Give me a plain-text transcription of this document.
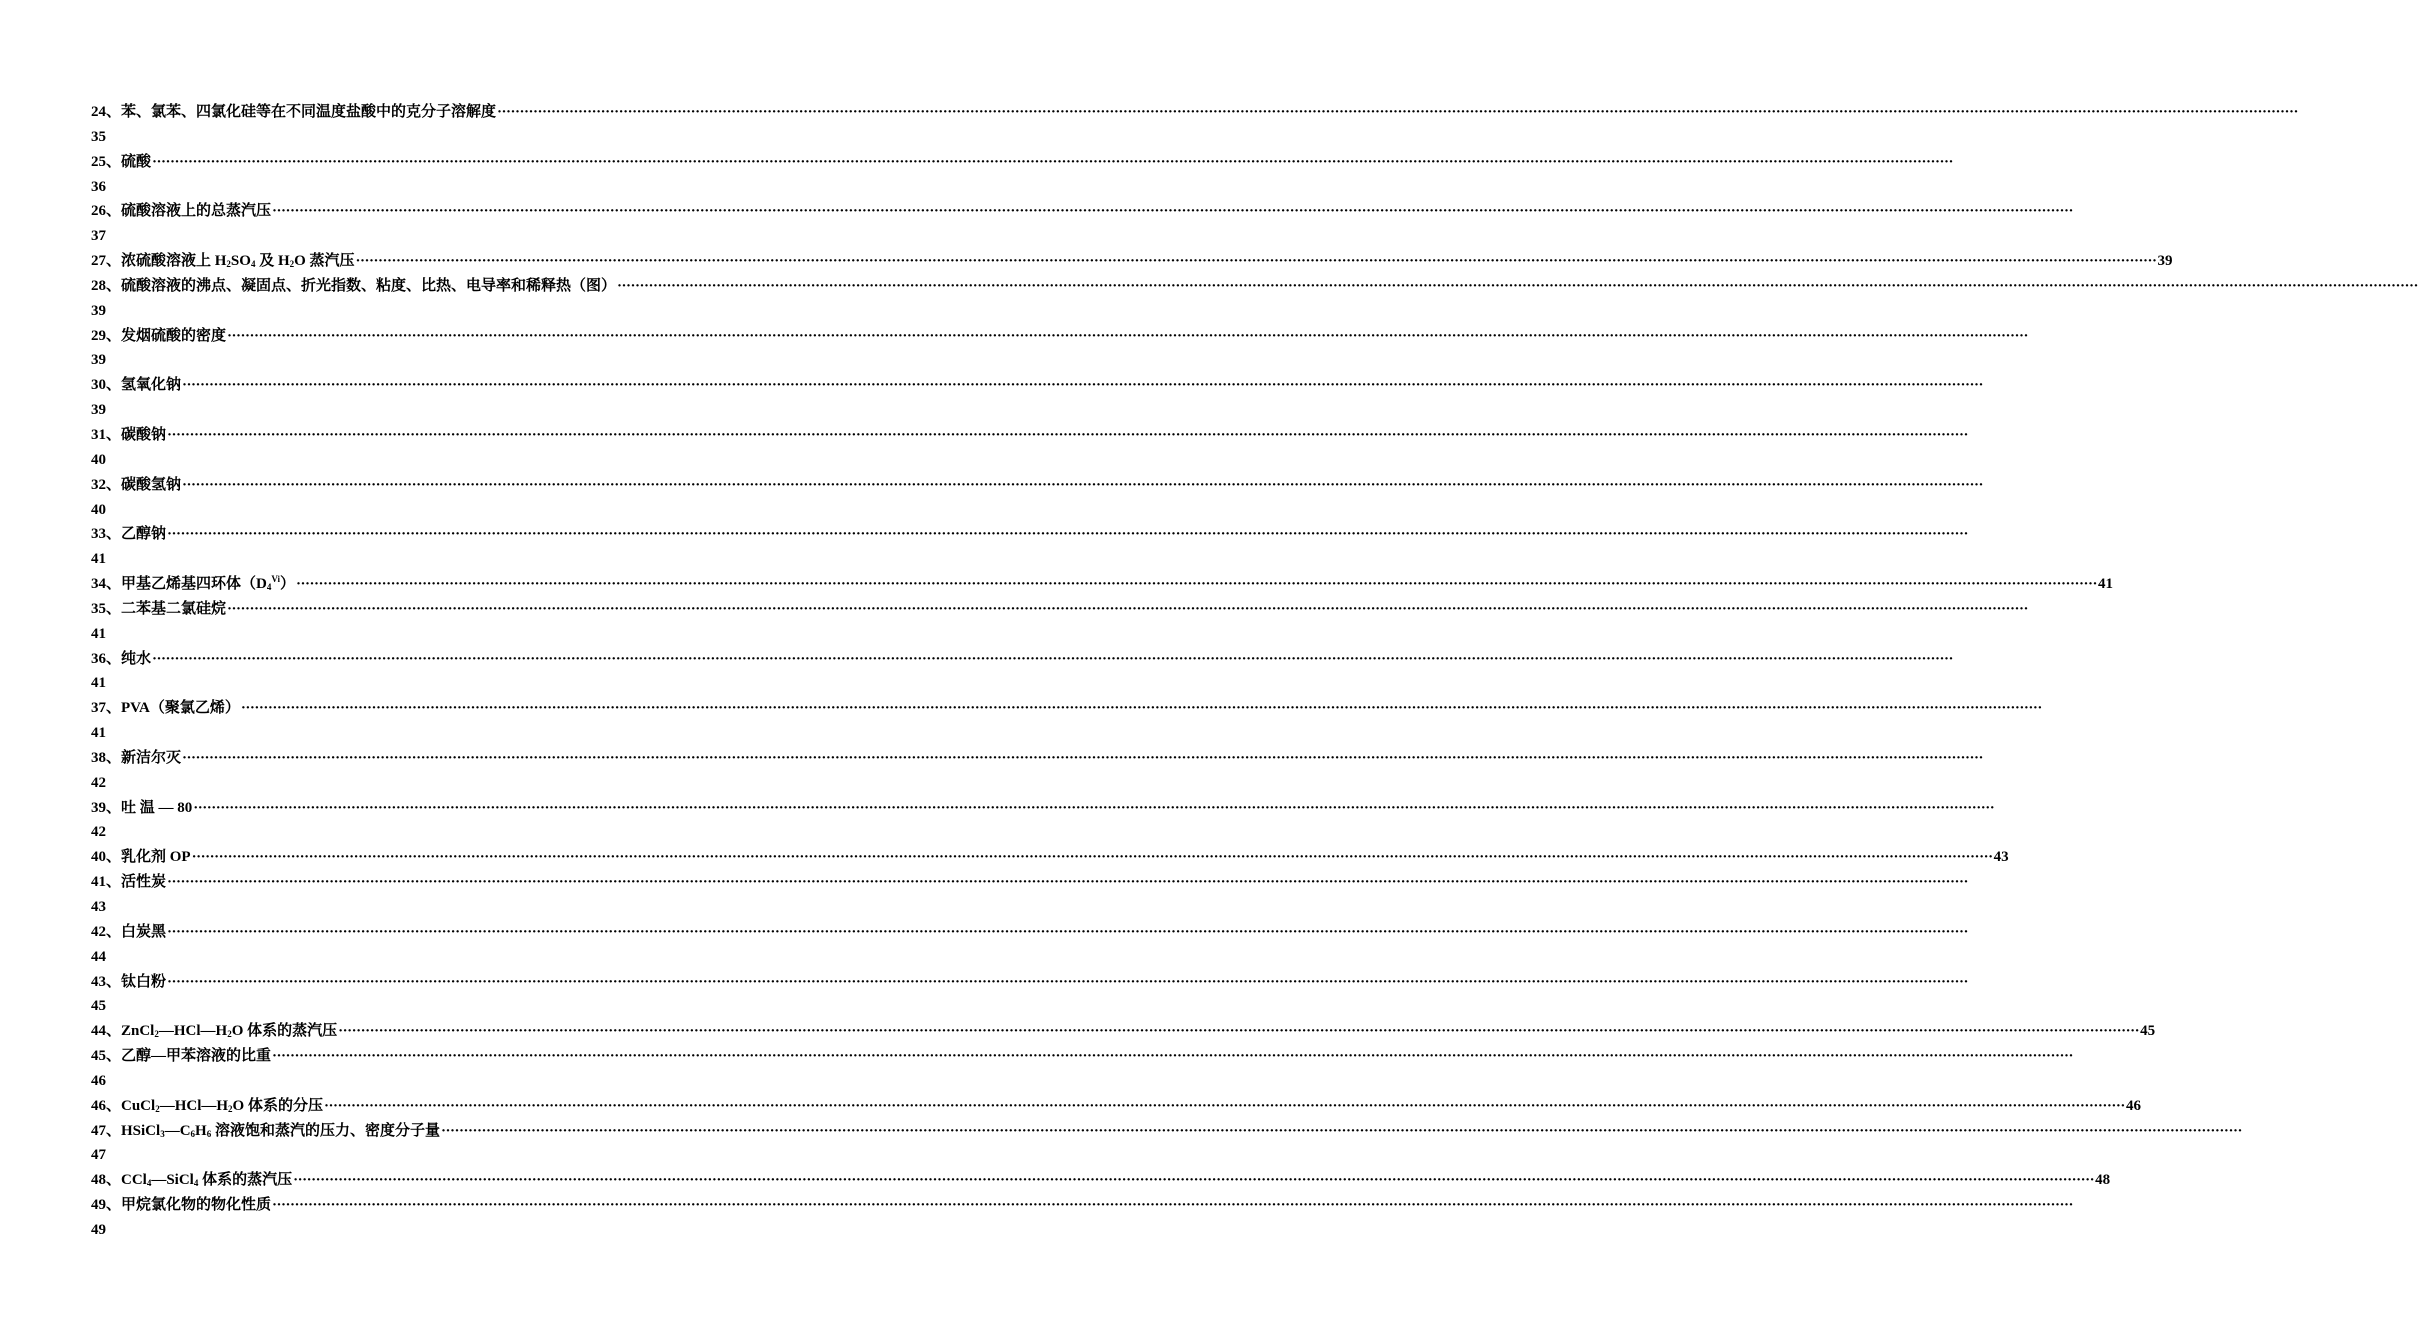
24、苯、氯苯、四氯化硅等在不同温度盐酸中的克分子溶解度 ················································································································································································································································································································································································································
35
25、硫酸 ················································································································································································································································································································································································································
36
26、硫酸溶液上的总蒸汽压 ················································································································································································································································································································································································································
37
27、浓硫酸溶液上 $H_2SO_4$ 及 $H_2O$ 蒸汽压 ················································································································································································································································································································································································································ 39
28、硫酸溶液的沸点、凝固点、折光指数、粘度、比热、电导率和稀释热（图） ················································································································································································································································································································································································································
39
29、发烟硫酸的密度 ················································································································································································································································································································································································································
39
30、氢氧化钠 ················································································································································································································································································································································································································
39
31、碳酸钠 ················································································································································································································································································································································································································
40
32、碳酸氢钠 ················································································································································································································································································································································································································
40
33、乙醇钠 ················································································································································································································································································································································································································
41
34、甲基乙烯基四环体$(D_4^{Vi})$ ················································································································································································································································································································································································································ 41
35、二苯基二氯硅烷 ················································································································································································································································································································································································································
41
36、纯水 ················································································································································································································································································································································································································
41
37、PVA（聚氯乙烯） ················································································································································································································································································································································································································
41
38、新洁尔灭 ················································································································································································································································································································································································································
42
39、吐 温 — 80 ················································································································································································································································································································································································································
42
40、乳化剂 OP ················································································································································································································································································································································································································ 43
41、活性炭 ················································································································································································································································································································································································································
43
42、白炭黑 ················································································································································································································································································································································································································
44
43、钛白粉 ················································································································································································································································································································································································································
45
44、$ZnCl_2—HCl—H_2O$ 体系的蒸汽压 ················································································································································································································································································································································································································ 45
45、乙醇—甲苯溶液的比重 ················································································································································································································································································································································································································
46
46、$CuCl_2—HCl—H_2O$ 体系的分压 ················································································································································································································································································································································································································ 46
47、$HSiCl_3—C_6H_6$ 溶液饱和蒸汽的压力、密度分子量 ················································································································································································································································································································································································································
47
48、CCl$_4$—SiCl$_4$ 体系的蒸汽压 ················································································································································································································································································································································································································ 48
49、甲烷氯化物的物化性质 ················································································································································································································································································································································································································
49
